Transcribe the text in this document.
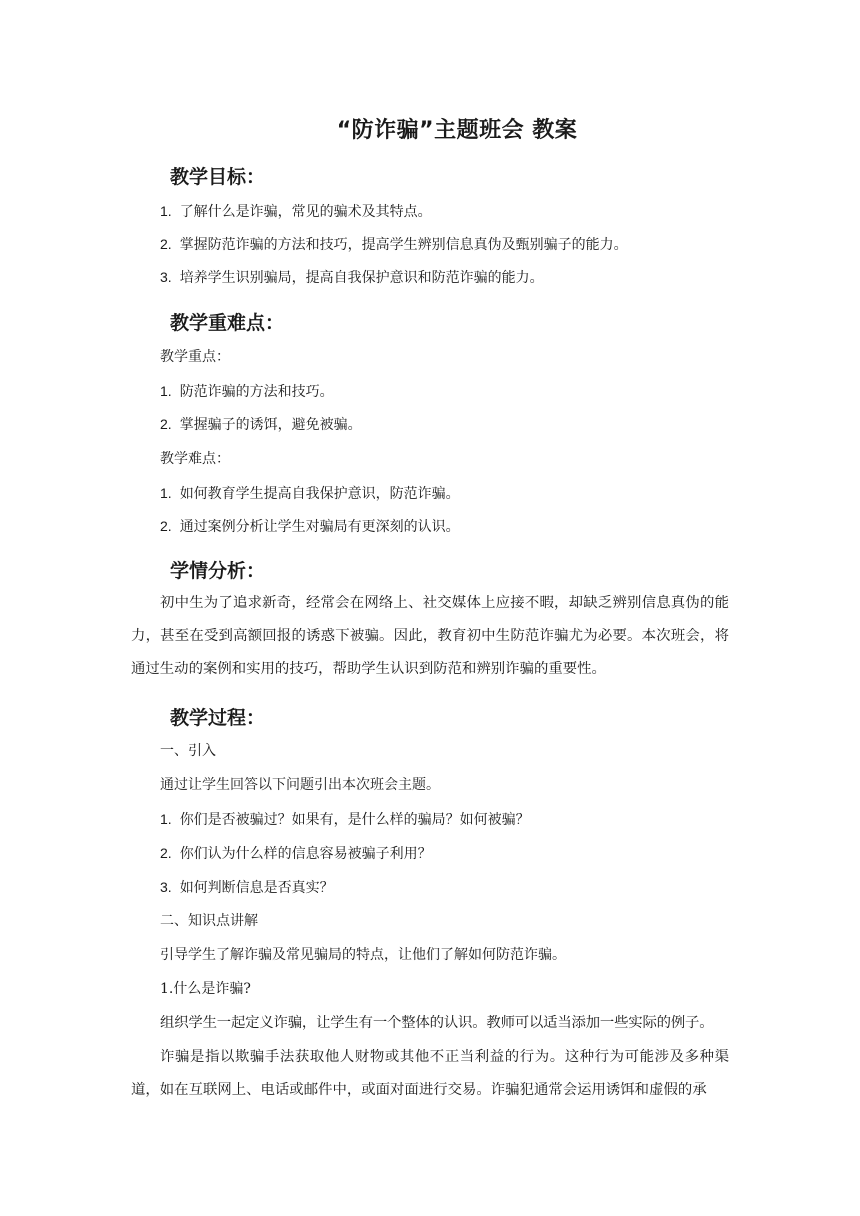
“防诈骗”主题班会 教案
教学目标：
1. 了解什么是诈骗，常见的骗术及其特点。
2. 掌握防范诈骗的方法和技巧，提高学生辨别信息真伪及甄别骗子的能力。
3. 培养学生识别骗局，提高自我保护意识和防范诈骗的能力。
教学重难点：
教学重点：
1. 防范诈骗的方法和技巧。
2. 掌握骗子的诱饵，避免被骗。
教学难点：
1. 如何教育学生提高自我保护意识，防范诈骗。
2. 通过案例分析让学生对骗局有更深刻的认识。
学情分析：
初中生为了追求新奇，经常会在网络上、社交媒体上应接不暇，却缺乏辨别信息真伪的能力，甚至在受到高额回报的诱惑下被骗。因此，教育初中生防范诈骗尤为必要。本次班会，将通过生动的案例和实用的技巧，帮助学生认识到防范和辨别诈骗的重要性。
教学过程：
一、引入
通过让学生回答以下问题引出本次班会主题。
1. 你们是否被骗过？如果有，是什么样的骗局？如何被骗？
2. 你们认为什么样的信息容易被骗子利用？
3. 如何判断信息是否真实？
二、知识点讲解
引导学生了解诈骗及常见骗局的特点，让他们了解如何防范诈骗。
1.什么是诈骗?
组织学生一起定义诈骗，让学生有一个整体的认识。教师可以适当添加一些实际的例子。
诈骗是指以欺骗手法获取他人财物或其他不正当利益的行为。这种行为可能涉及多种渠道，如在互联网上、电话或邮件中，或面对面进行交易。诈骗犯通常会运用诱饵和虚假的承
